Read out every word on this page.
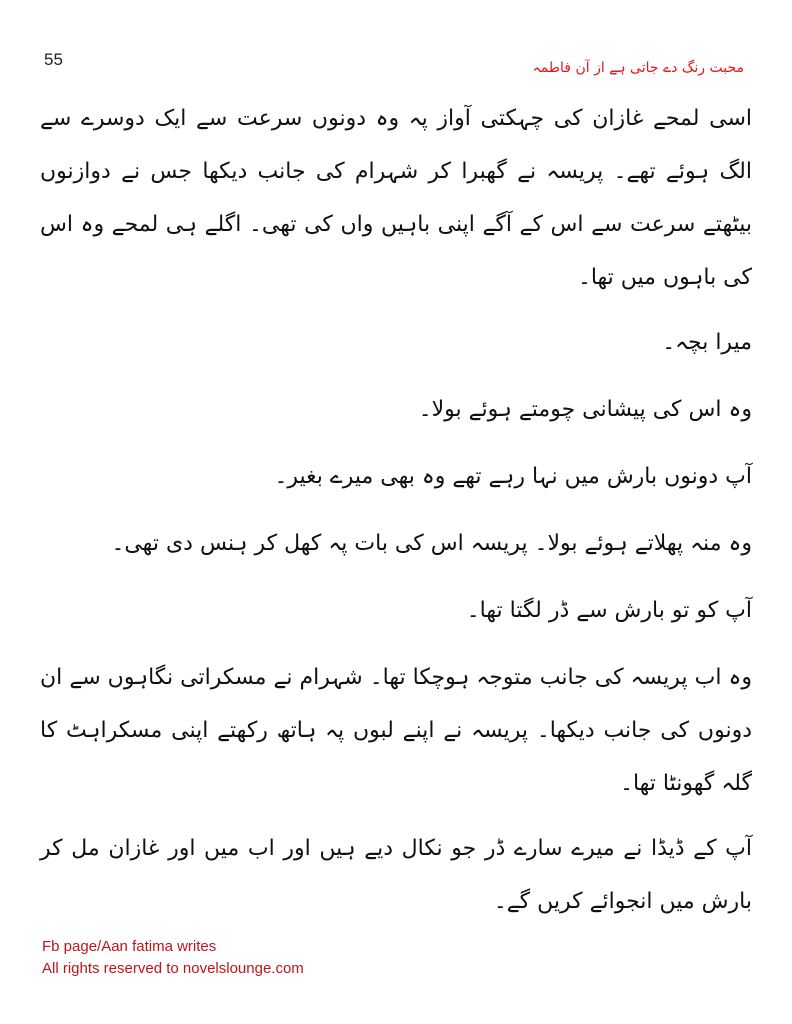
55	محبت رنگ دے جاتی ہے از آن فاطمہ

اسی لمحے غازان کی چہکتی آواز پہ وہ دونوں سرعت سے ایک دوسرے سے الگ ہوئے تھے۔ پریسہ نے گھبرا کر شہرام کی جانب دیکھا جس نے دوازنوں بیٹھتے سرعت سے اس کے آگے اپنی باہیں واں کی تھی۔ اگلے ہی لمحے وہ اس کی باہوں میں تھا۔

میرا بچہ۔

وہ اس کی پیشانی چومتے ہوئے بولا۔

آپ دونوں بارش میں نہا رہے تھے وہ بھی میرے بغیر۔

وہ منہ پھلاتے ہوئے بولا۔ پریسہ اس کی بات پہ کھل کر ہنس دی تھی۔

آپ کو تو بارش سے ڈر لگتا تھا۔

وہ اب پریسہ کی جانب متوجہ ہوچکا تھا۔ شہرام نے مسکراتی نگاہوں سے ان دونوں کی جانب دیکھا۔ پریسہ نے اپنے لبوں پہ ہاتھ رکھتے اپنی مسکراہٹ کا گلہ گھونٹا تھا۔

آپ کے ڈیڈا نے میرے سارے ڈر جو نکال دیے ہیں اور اب میں اور غازان مل کر بارش میں انجوائے کریں گے۔

Fb page/Aan fatima writes
All rights reserved to novelslounge.com
